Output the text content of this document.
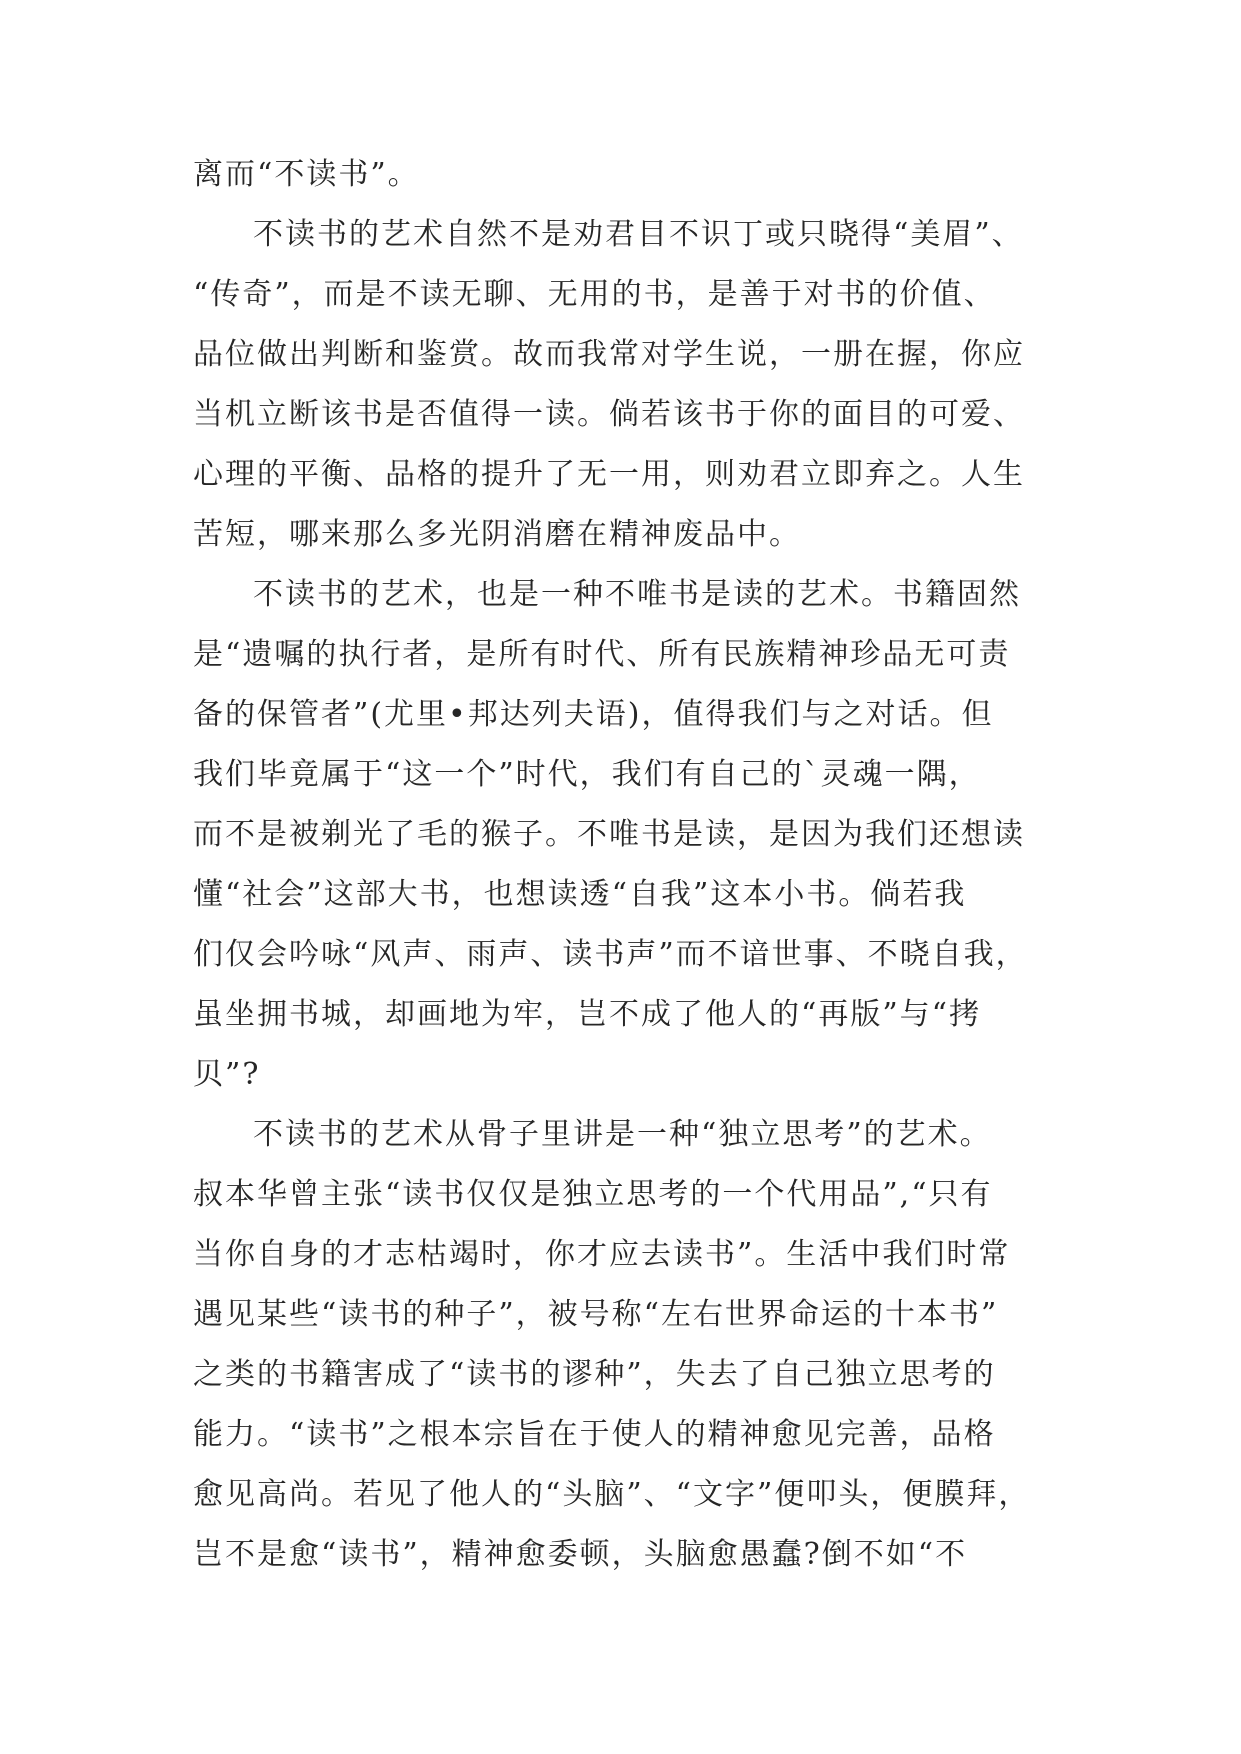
离而“不读书”。
不读书的艺术自然不是劝君目不识丁或只晓得“美眉”、
“传奇”，而是不读无聊、无用的书，是善于对书的价值、
品位做出判断和鉴赏。故而我常对学生说，一册在握，你应
当机立断该书是否值得一读。倘若该书于你的面目的可爱、
心理的平衡、品格的提升了无一用，则劝君立即弃之。人生
苦短，哪来那么多光阴消磨在精神废品中。
不读书的艺术，也是一种不唯书是读的艺术。书籍固然
是“遗嘱的执行者，是所有时代、所有民族精神珍品无可责
备的保管者”(尤里•邦达列夫语)，值得我们与之对话。但
我们毕竟属于“这一个”时代，我们有自己的`灵魂一隅，
而不是被剃光了毛的猴子。不唯书是读，是因为我们还想读
懂“社会”这部大书，也想读透“自我”这本小书。倘若我
们仅会吟咏“风声、雨声、读书声”而不谙世事、不晓自我，
虽坐拥书城，却画地为牢，岂不成了他人的“再版”与“拷
贝”?
不读书的艺术从骨子里讲是一种“独立思考”的艺术。
叔本华曾主张“读书仅仅是独立思考的一个代用品”,“只有
当你自身的才志枯竭时，你才应去读书”。生活中我们时常
遇见某些“读书的种子”，被号称“左右世界命运的十本书”
之类的书籍害成了“读书的谬种”，失去了自己独立思考的
能力。“读书”之根本宗旨在于使人的精神愈见完善，品格
愈见高尚。若见了他人的“头脑”、“文字”便叩头，便膜拜，
岂不是愈“读书”，精神愈委顿，头脑愈愚蠢?倒不如“不
